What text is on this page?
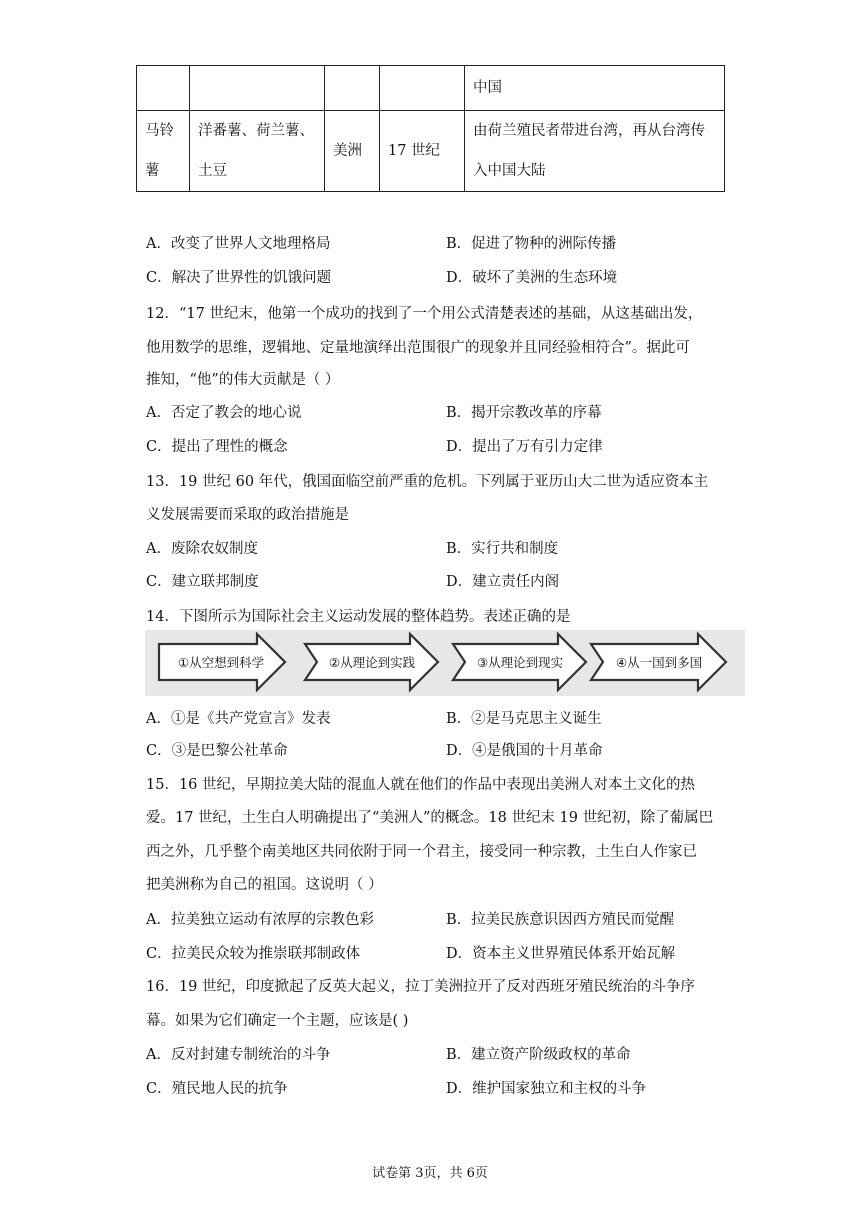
				中国
马铃薯	洋番薯、荷兰薯、土豆	美洲	17 世纪	由荷兰殖民者带进台湾，再从台湾传入中国大陆
A．改变了世界人文地理格局	B．促进了物种的洲际传播
C．解决了世界性的饥饿问题	D．破坏了美洲的生态环境
12．“17 世纪末，他第一个成功的找到了一个用公式清楚表述的基础，从这基础出发，
他用数学的思维，逻辑地、定量地演绎出范围很广的现象并且同经验相符合”。据此可
推知，“他”的伟大贡献是（ ）
A．否定了教会的地心说	B．揭开宗教改革的序幕
C．提出了理性的概念	D．提出了万有引力定律
13．19 世纪 60 年代，俄国面临空前严重的危机。下列属于亚历山大二世为适应资本主
义发展需要而采取的政治措施是
A．废除农奴制度	B．实行共和制度
C．建立联邦制度	D．建立责任内阁
14．下图所示为国际社会主义运动发展的整体趋势。表述正确的是
①从空想到科学	②从理论到实践	③从理论到现实	④从一国到多国
A．①是《共产党宣言》发表	B．②是马克思主义诞生
C．③是巴黎公社革命	D．④是俄国的十月革命
15．16 世纪，早期拉美大陆的混血人就在他们的作品中表现出美洲人对本土文化的热
爱。17 世纪，土生白人明确提出了“美洲人”的概念。18 世纪末 19 世纪初，除了葡属巴
西之外，几乎整个南美地区共同依附于同一个君主，接受同一种宗教，土生白人作家已
把美洲称为自己的祖国。这说明（ ）
A．拉美独立运动有浓厚的宗教色彩	B．拉美民族意识因西方殖民而觉醒
C．拉美民众较为推崇联邦制政体	D．资本主义世界殖民体系开始瓦解
16．19 世纪，印度掀起了反英大起义，拉丁美洲拉开了反对西班牙殖民统治的斗争序
幕。如果为它们确定一个主题，应该是( )
A．反对封建专制统治的斗争	B．建立资产阶级政权的革命
C．殖民地人民的抗争	D．维护国家独立和主权的斗争
试卷第 3页，共 6页
